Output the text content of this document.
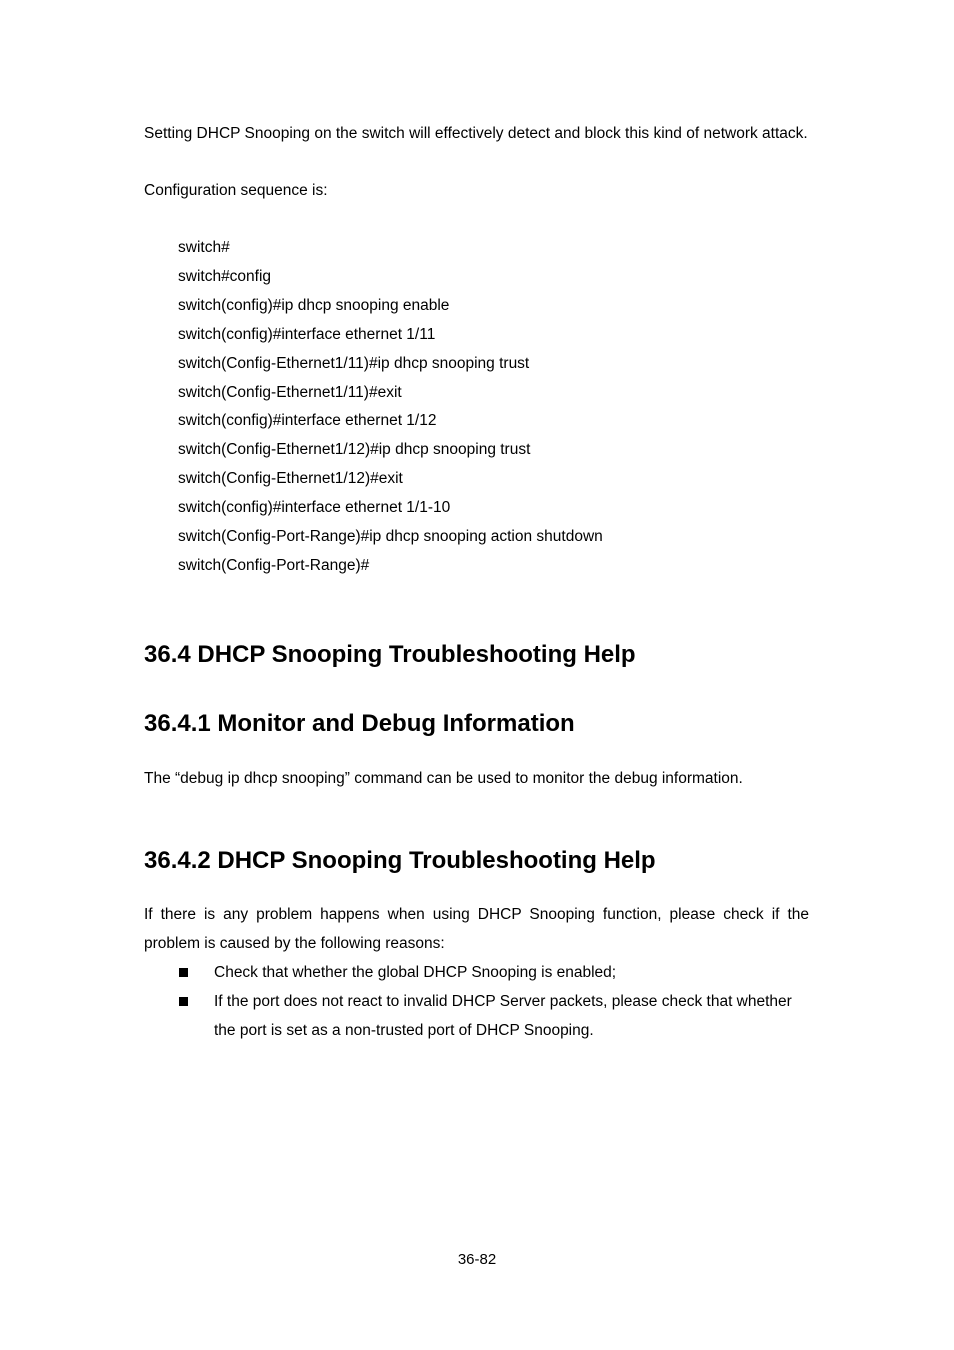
Setting DHCP Snooping on the switch will effectively detect and block this kind of network attack.

Configuration sequence is:

switch#
switch#config
switch(config)#ip dhcp snooping enable
switch(config)#interface ethernet 1/11
switch(Config-Ethernet1/11)#ip dhcp snooping trust
switch(Config-Ethernet1/11)#exit
switch(config)#interface ethernet 1/12
switch(Config-Ethernet1/12)#ip dhcp snooping trust
switch(Config-Ethernet1/12)#exit
switch(config)#interface ethernet 1/1-10
switch(Config-Port-Range)#ip dhcp snooping action shutdown
switch(Config-Port-Range)#
36.4 DHCP Snooping Troubleshooting Help
36.4.1 Monitor and Debug Information

The “debug ip dhcp snooping” command can be used to monitor the debug information.

36.4.2 DHCP Snooping Troubleshooting Help

If there is any problem happens when using DHCP Snooping function, please check if the problem is caused by the following reasons:

Check that whether the global DHCP Snooping is enabled;
If the port does not react to invalid DHCP Server packets, please check that whether the port is set as a non-trusted port of DHCP Snooping.
36-82
